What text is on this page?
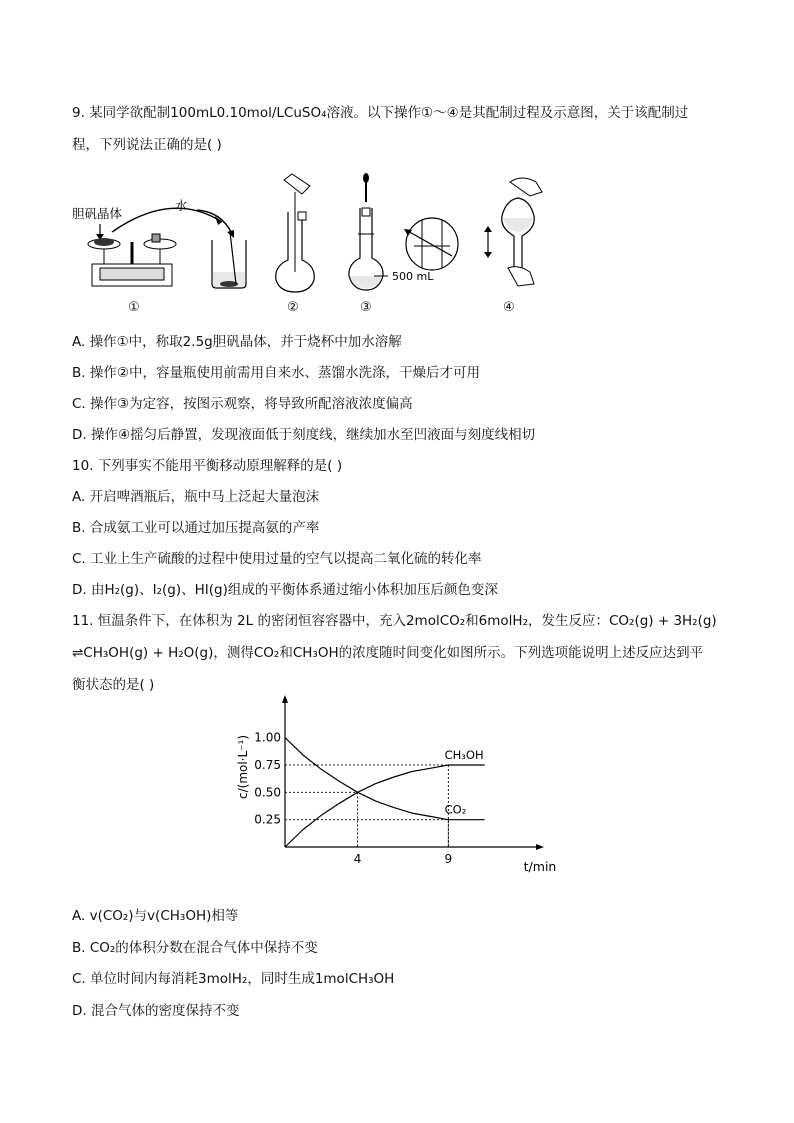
9. 某同学欲配制100mL0.10mol/LCuSO₄溶液。以下操作①～④是其配制过程及示意图，关于该配制过
程，下列说法正确的是( )
胆矾晶体
水
①	②
500 mL
③	④
A. 操作①中，称取2.5g胆矾晶体，并于烧杯中加水溶解
B. 操作②中，容量瓶使用前需用自来水、蒸馏水洗涤，干燥后才可用
C. 操作③为定容，按图示观察，将导致所配溶液浓度偏高
D. 操作④摇匀后静置，发现液面低于刻度线，继续加水至凹液面与刻度线相切
10. 下列事实不能用平衡移动原理解释的是( )
A. 开启啤酒瓶后，瓶中马上泛起大量泡沫
B. 合成氨工业可以通过加压提高氨的产率
C. 工业上生产硫酸的过程中使用过量的空气以提高二氧化硫的转化率
D. 由H₂(g)、I₂(g)、HI(g)组成的平衡体系通过缩小体积加压后颜色变深
11. 恒温条件下，在体积为 2L 的密闭恒容容器中，充入2molCO₂和6molH₂，发生反应：CO₂(g) + 3H₂(g)
⇌CH₃OH(g) + H₂O(g)，测得CO₂和CH₃OH的浓度随时间变化如图所示。下列选项能说明上述反应达到平
衡状态的是( )
1.00
0.75
0.50
0.25
4	9	t/min
c/(mol·L⁻¹)	CH₃OH
CO₂
A. v(CO₂)与v(CH₃OH)相等
B. CO₂的体积分数在混合气体中保持不变
C. 单位时间内每消耗3molH₂，同时生成1molCH₃OH
D. 混合气体的密度保持不变
